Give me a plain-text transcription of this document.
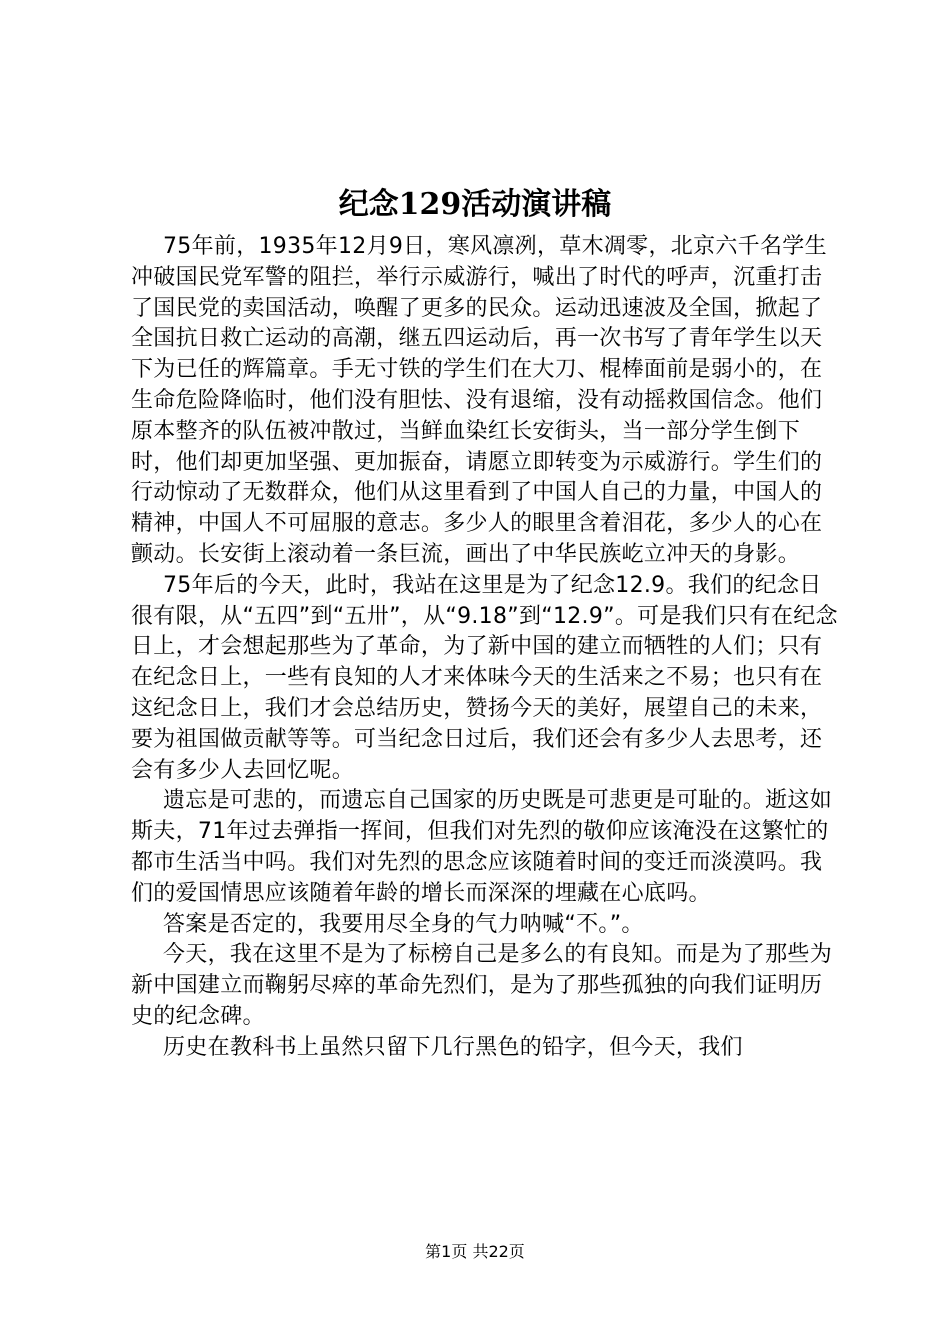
纪念129活动演讲稿

75年前，1935年12月9日，寒风凛冽，草木凋零，北京六千名学生冲破国民党军警的阻拦，举行示威游行，喊出了时代的呼声，沉重打击了国民党的卖国活动，唤醒了更多的民众。运动迅速波及全国，掀起了全国抗日救亡运动的高潮，继五四运动后，再一次书写了青年学生以天下为已任的辉篇章。手无寸铁的学生们在大刀、棍棒面前是弱小的，在生命危险降临时，他们没有胆怯、没有退缩，没有动摇救国信念。他们原本整齐的队伍被冲散过，当鲜血染红长安街头，当一部分学生倒下时，他们却更加坚强、更加振奋，请愿立即转变为示威游行。学生们的行动惊动了无数群众，他们从这里看到了中国人自己的力量，中国人的精神，中国人不可屈服的意志。多少人的眼里含着泪花，多少人的心在颤动。长安街上滚动着一条巨流，画出了中华民族屹立冲天的身影。

75年后的今天，此时，我站在这里是为了纪念12.9。我们的纪念日很有限，从“五四”到“五卅”，从“9.18”到“12.9”。可是我们只有在纪念日上，才会想起那些为了革命，为了新中国的建立而牺牲的人们；只有在纪念日上，一些有良知的人才来体味今天的生活来之不易；也只有在这纪念日上，我们才会总结历史，赞扬今天的美好，展望自己的未来，要为祖国做贡献等等。可当纪念日过后，我们还会有多少人去思考，还会有多少人去回忆呢。

遗忘是可悲的，而遗忘自己国家的历史既是可悲更是可耻的。逝这如斯夫，71年过去弹指一挥间，但我们对先烈的敬仰应该淹没在这繁忙的都市生活当中吗。我们对先烈的思念应该随着时间的变迁而淡漠吗。我们的爱国情思应该随着年龄的增长而深深的埋藏在心底吗。

答案是否定的，我要用尽全身的气力呐喊“不。”。

今天，我在这里不是为了标榜自己是多么的有良知。而是为了那些为新中国建立而鞠躬尽瘁的革命先烈们，是为了那些孤独的向我们证明历史的纪念碑。

历史在教科书上虽然只留下几行黑色的铅字，但今天，我们

第1页 共22页
